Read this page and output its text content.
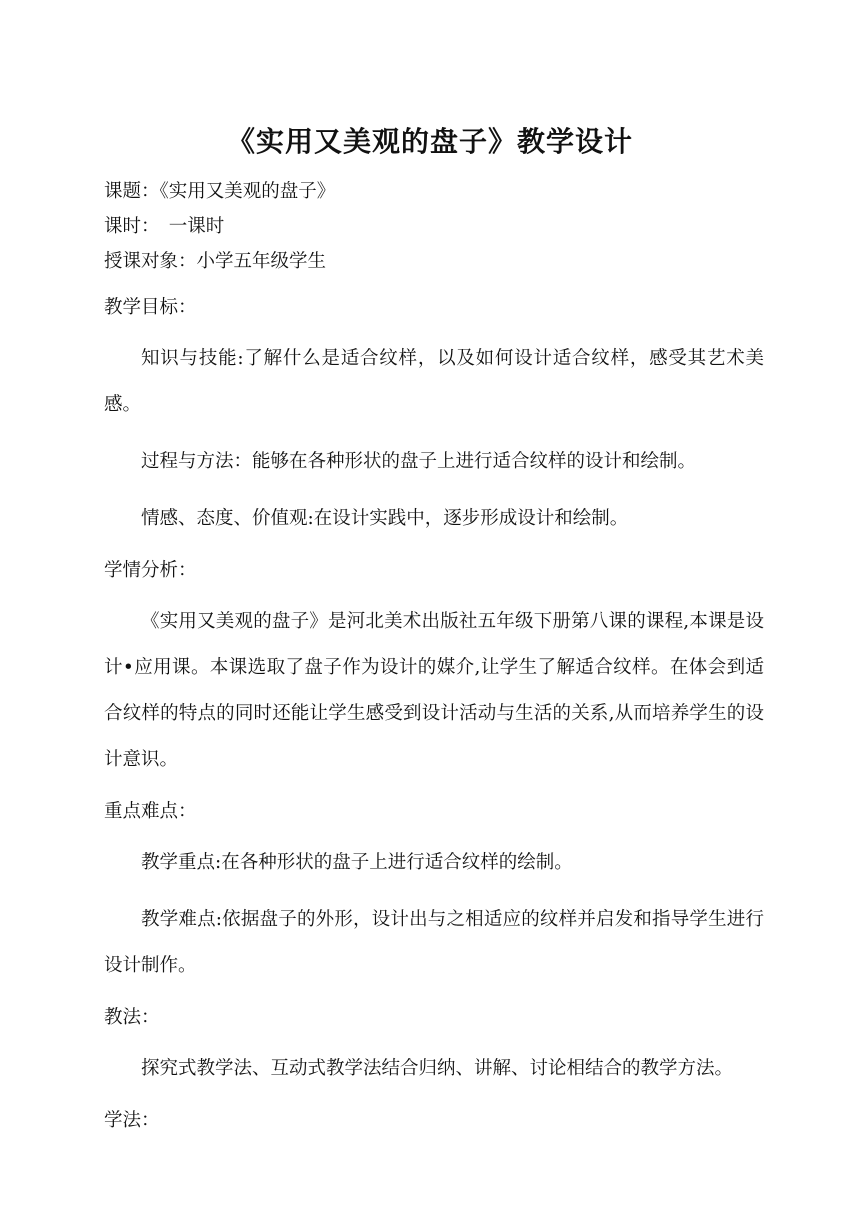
《实用又美观的盘子》教学设计

课题：《实用又美观的盘子》

课时：　一课时

授课对象：小学五年级学生

教学目标：

知识与技能:了解什么是适合纹样，以及如何设计适合纹样，感受其艺术美感。

过程与方法：能够在各种形状的盘子上进行适合纹样的设计和绘制。

情感、态度、价值观:在设计实践中，逐步形成设计和绘制。

学情分析：

《实用又美观的盘子》是河北美术出版社五年级下册第八课的课程,本课是设计•应用课。本课选取了盘子作为设计的媒介,让学生了解适合纹样。在体会到适合纹样的特点的同时还能让学生感受到设计活动与生活的关系,从而培养学生的设计意识。

重点难点：

教学重点:在各种形状的盘子上进行适合纹样的绘制。

教学难点:依据盘子的外形，设计出与之相适应的纹样并启发和指导学生进行设计制作。

教法：

探究式教学法、互动式教学法结合归纳、讲解、讨论相结合的教学方法。

学法：
